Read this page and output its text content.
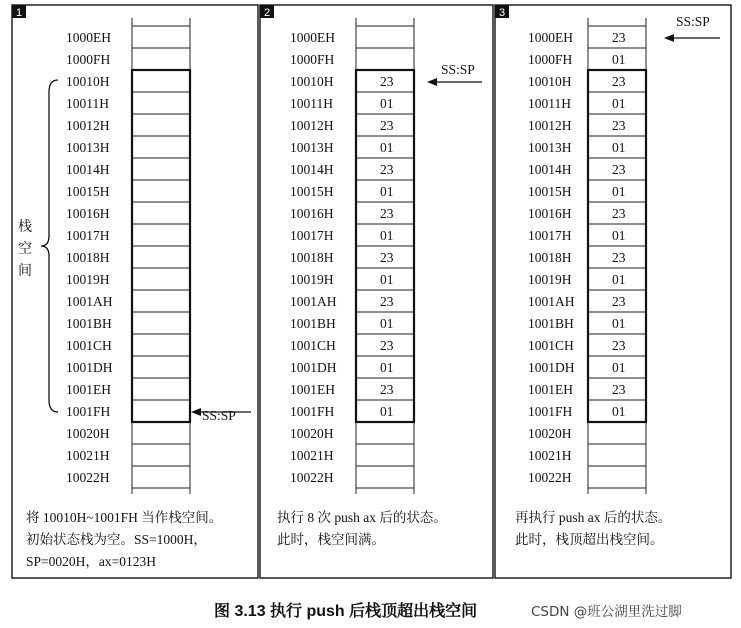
1
1000EH
1000FH
10010H
10011H
10012H
10013H
10014H
10015H
10016H
10017H
10018H
10019H
1001AH
1001BH
1001CH
1001DH
1001EH
1001FH
10020H
10021H
10022H
SS:SP
2
1000EH
1000FH
10010H	23
10011H	01
10012H	23
10013H	01
10014H	23
10015H	01
10016H	23
10017H	01
10018H	23
10019H	01
1001AH	23
1001BH	01
1001CH	23
1001DH	01
1001EH	23
1001FH	01
10020H
10021H
10022H
SS:SP
3
1000EH	23
1000FH	01
10010H	23
10011H	01
10012H	23
10013H	01
10014H	23
10015H	01
10016H	23
10017H	01
10018H	23
10019H	01
1001AH	23
1001BH	01
1001CH	23
1001DH	01
1001EH	23
1001FH	01
10020H
10021H
10022H
SS:SP
栈
空
间
将 10010H~1001FH 当作栈空间。
初始状态栈为空。SS=1000H，
SP=0020H，ax=0123H
执行 8 次 push ax 后的状态。
此时，栈空间满。
再执行 push ax 后的状态。
此时，栈顶超出栈空间。
图 3.13 执行 push 后栈顶超出栈空间	CSDN @班公湖里洗过脚
